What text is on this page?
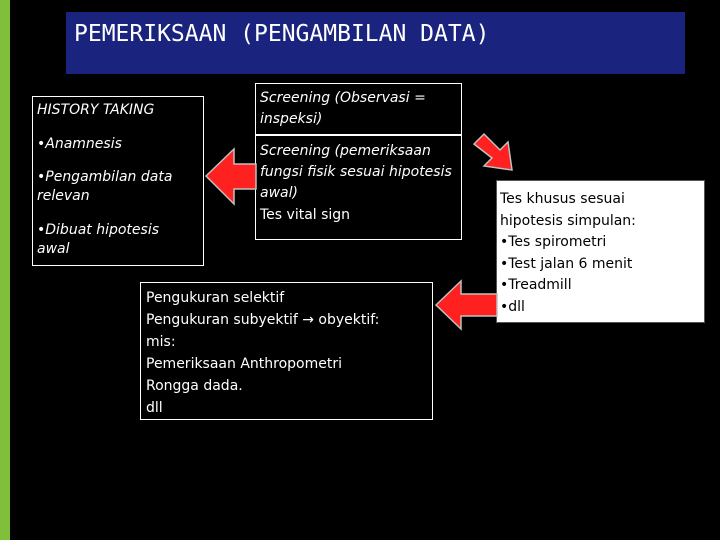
PEMERIKSAAN (PENGAMBILAN DATA)
HISTORY TAKING
•Anamnesis
•Pengambilan data
relevan
•Dibuat hipotesis
awal
Screening (Observasi =
inspeksi)
Screening (pemeriksaan
fungsi fisik sesuai hipotesis
awal)
Tes vital sign
Pengukuran selektif
Pengukuran subyektif → obyektif:
mis:
Pemeriksaan Anthropometri
Rongga dada.
dll
Tes khusus sesuai
hipotesis simpulan:
•Tes spirometri
•Test jalan 6 menit
•Treadmill
•dll
